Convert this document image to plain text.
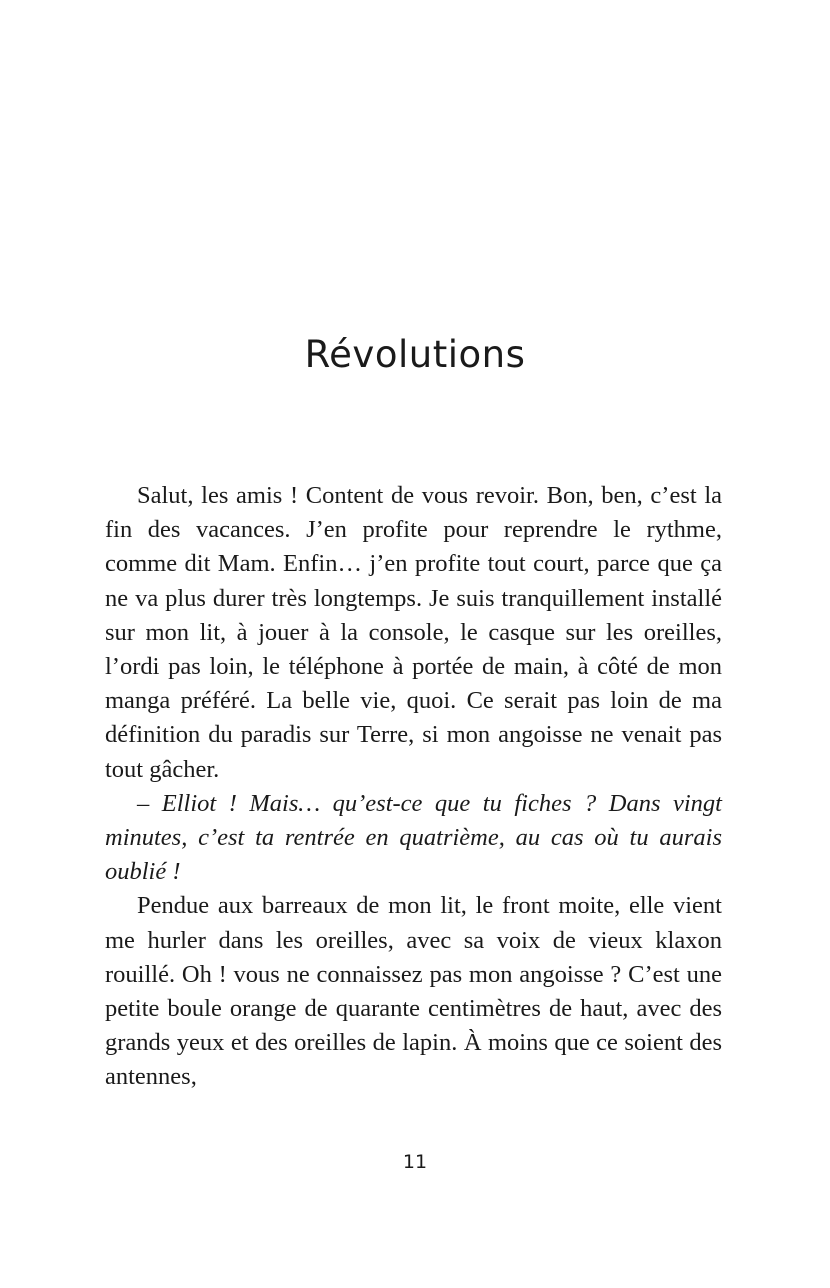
Révolutions

Salut, les amis ! Content de vous revoir. Bon, ben, c’est la fin des vacances. J’en profite pour reprendre le rythme, comme dit Mam. Enfin… j’en profite tout court, parce que ça ne va plus durer très longtemps. Je suis tranquillement installé sur mon lit, à jouer à la console, le casque sur les oreilles, l’ordi pas loin, le téléphone à portée de main, à côté de mon manga préféré. La belle vie, quoi. Ce serait pas loin de ma définition du paradis sur Terre, si mon angoisse ne venait pas tout gâcher.

– Elliot ! Mais… qu’est-ce que tu fiches ? Dans vingt minutes, c’est ta rentrée en quatrième, au cas où tu aurais oublié !

Pendue aux barreaux de mon lit, le front moite, elle vient me hurler dans les oreilles, avec sa voix de vieux klaxon rouillé. Oh ! vous ne connaissez pas mon angoisse ? C’est une petite boule orange de quarante centimètres de haut, avec des grands yeux et des oreilles de lapin. À moins que ce soient des antennes,

11
